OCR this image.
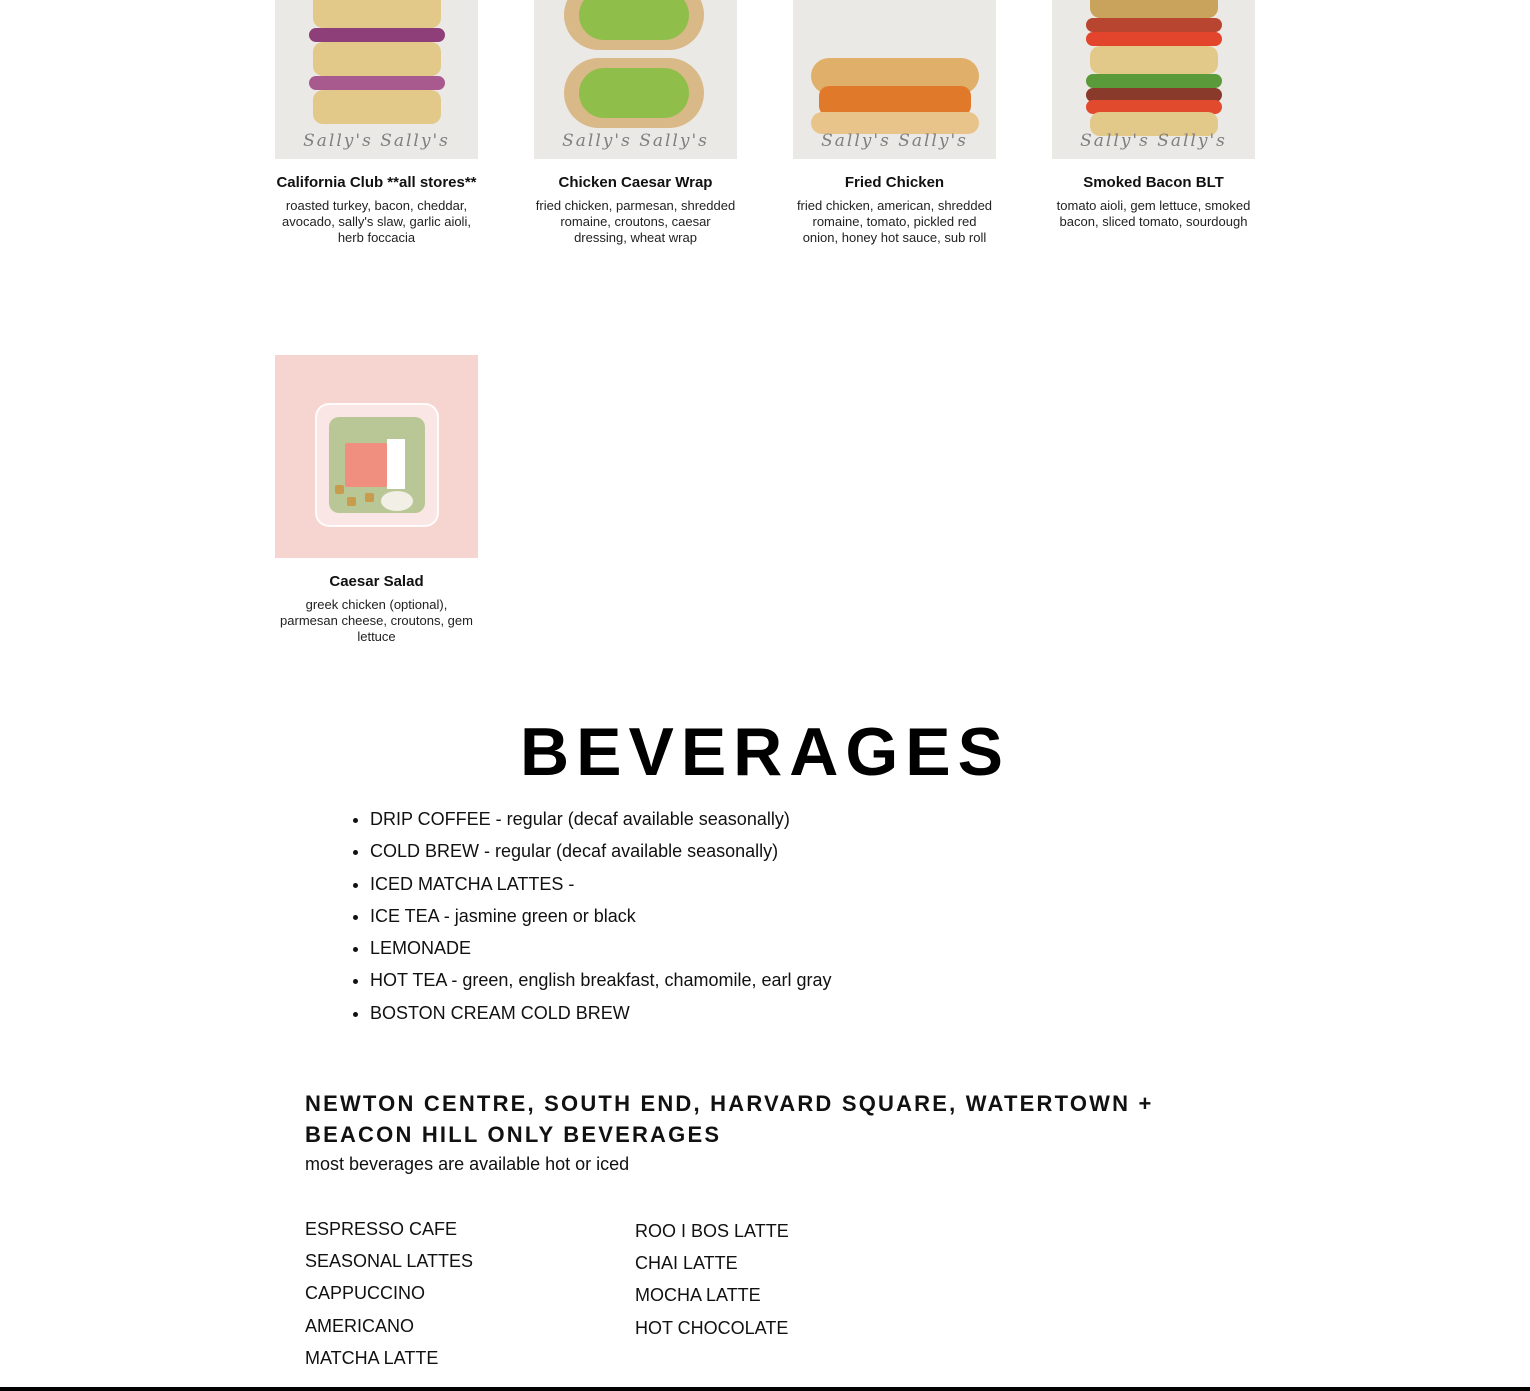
Sally's Sally's
California Club **all stores**
roasted turkey, bacon, cheddar, avocado, sally's slaw, garlic aioli, herb foccacia
Sally's Sally's
Chicken Caesar Wrap
fried chicken, parmesan, shredded romaine, croutons, caesar dressing, wheat wrap
Sally's Sally's
Fried Chicken
fried chicken, american, shredded romaine, tomato, pickled red onion, honey hot sauce, sub roll
Sally's Sally's
Smoked Bacon BLT
tomato aioli, gem lettuce, smoked bacon, sliced tomato, sourdough
Caesar Salad
greek chicken (optional), parmesan cheese, croutons, gem lettuce
BEVERAGES
• DRIP COFFEE - regular (decaf available seasonally)
• COLD BREW - regular (decaf available seasonally)
• ICED MATCHA LATTES -
• ICE TEA - jasmine green or black
• LEMONADE
• HOT TEA - green, english breakfast, chamomile, earl gray
• BOSTON CREAM COLD BREW
NEWTON CENTRE, SOUTH END, HARVARD SQUARE, WATERTOWN + BEACON HILL ONLY BEVERAGES
most beverages are available hot or iced
ESPRESSO CAFE
SEASONAL LATTES
CAPPUCCINO
AMERICANO
MATCHA LATTE
ROO I BOS LATTE
CHAI LATTE
MOCHA LATTE
HOT CHOCOLATE
